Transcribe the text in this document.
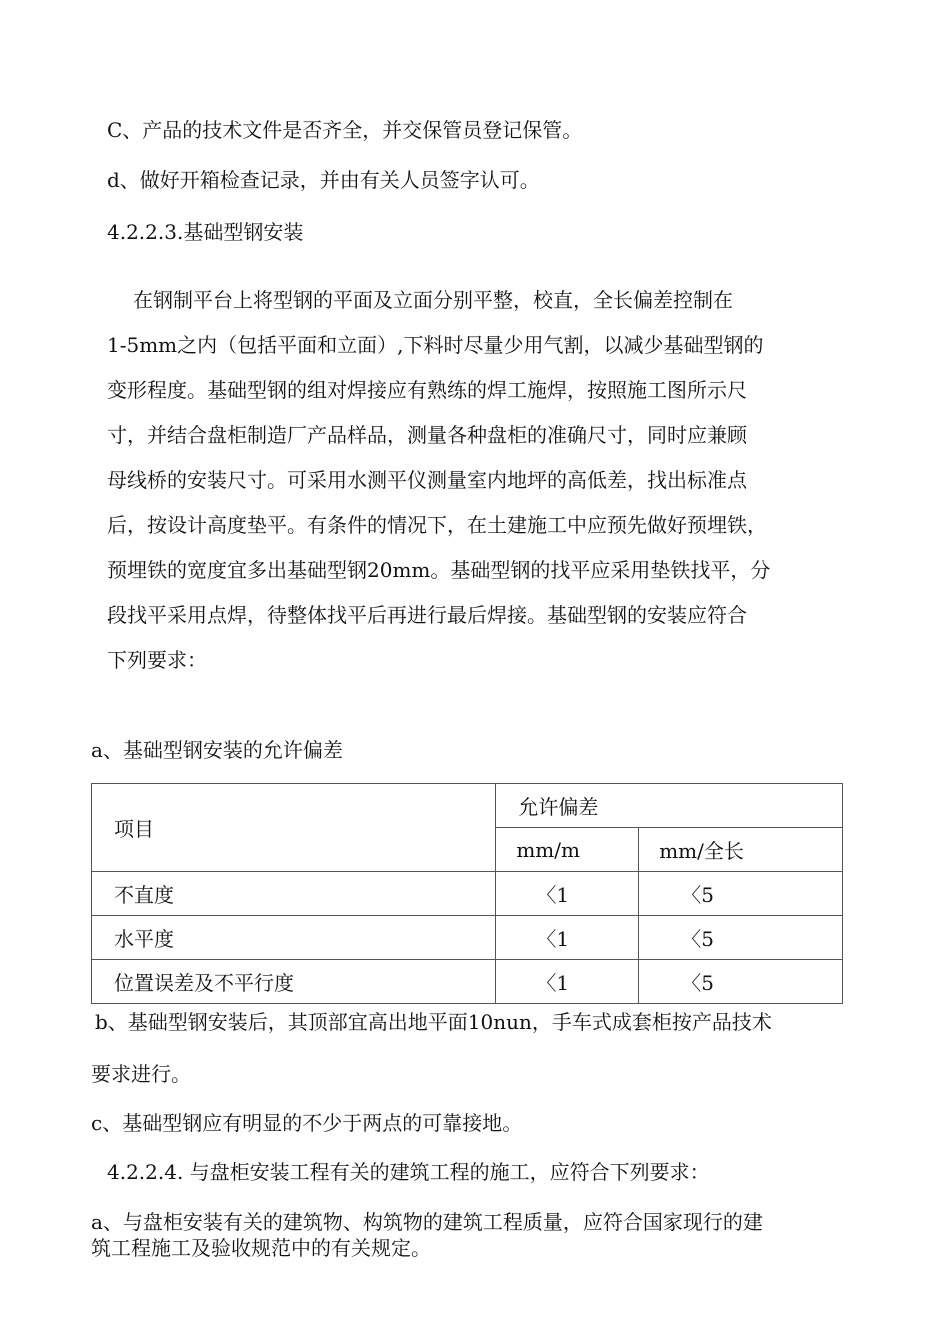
C、产品的技术文件是否齐全，并交保管员登记保管。

d、做好开箱检查记录，并由有关人员签字认可。

4.2.2.3.基础型钢安装

在钢制平台上将型钢的平面及立面分别平整，校直，全长偏差控制在
1-5mm之内（包括平面和立面）,下料时尽量少用气割，以减少基础型钢的
变形程度。基础型钢的组对焊接应有熟练的焊工施焊，按照施工图所示尺
寸，并结合盘柜制造厂产品样品，测量各种盘柜的准确尺寸，同时应兼顾
母线桥的安装尺寸。可采用水测平仪测量室内地坪的高低差，找出标准点
后，按设计高度垫平。有条件的情况下，在土建施工中应预先做好预埋铁，
预埋铁的宽度宜多出基础型钢20mm。基础型钢的找平应采用垫铁找平，分
段找平采用点焊，待整体找平后再进行最后焊接。基础型钢的安装应符合
下列要求：

a、基础型钢安装的允许偏差

项目	允许偏差	

	mm/m	mm/全长

不直度	〈1	〈5

水平度	〈1	〈5

位置误差及不平行度	〈1	〈5

b、基础型钢安装后，其顶部宜高出地平面10nun，手车式成套柜按产品技术

要求进行。

c、基础型钢应有明显的不少于两点的可靠接地。

4.2.2.4. 与盘柜安装工程有关的建筑工程的施工，应符合下列要求：

a、与盘柜安装有关的建筑物、构筑物的建筑工程质量，应符合国家现行的建

筑工程施工及验收规范中的有关规定。
